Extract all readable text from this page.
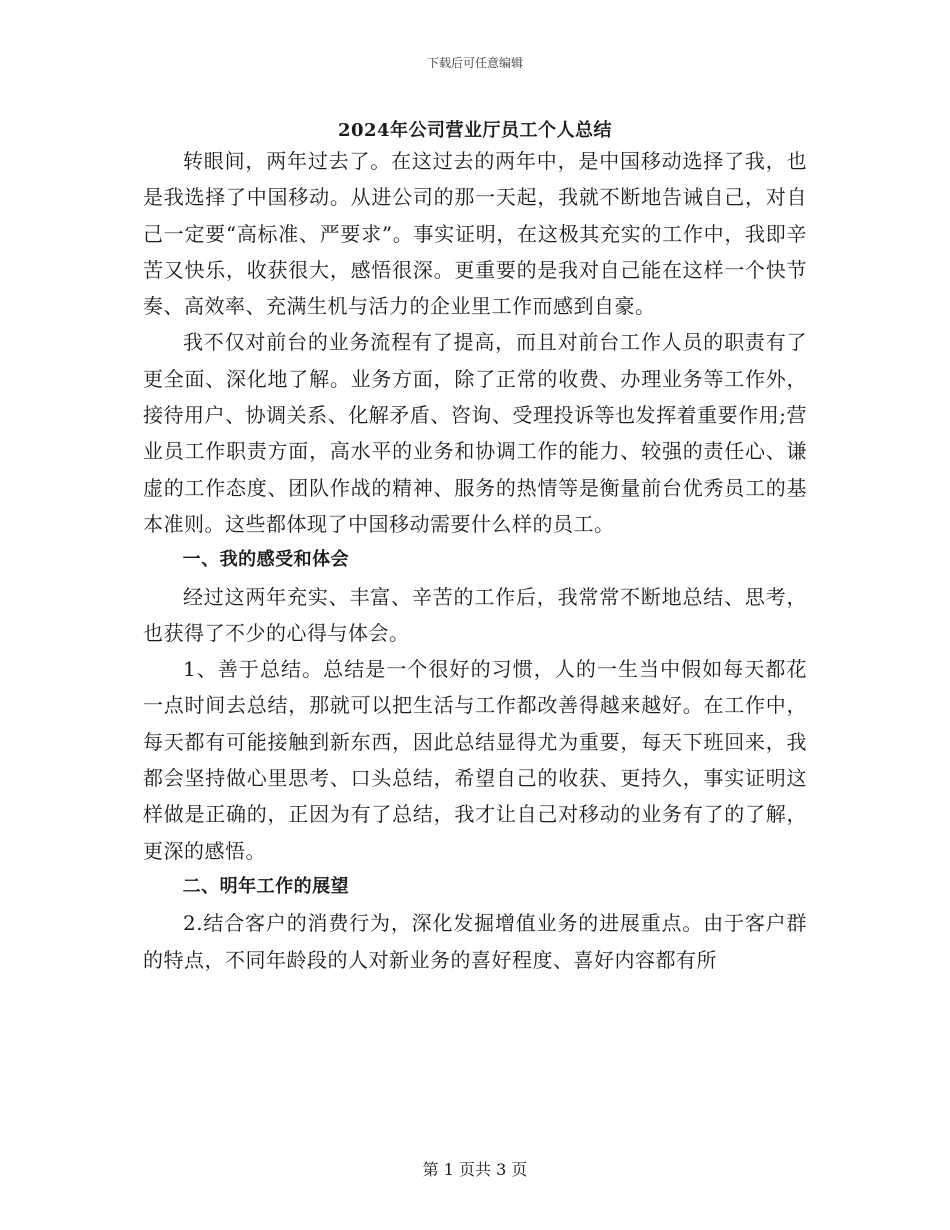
下载后可任意编辑
2024年公司营业厅员工个人总结

转眼间，两年过去了。在这过去的两年中，是中国移动选择了我，也是我选择了中国移动。从进公司的那一天起，我就不断地告诫自己，对自己一定要“高标准、严要求”。事实证明，在这极其充实的工作中，我即辛苦又快乐，收获很大，感悟很深。更重要的是我对自己能在这样一个快节奏、高效率、充满生机与活力的企业里工作而感到自豪。

我不仅对前台的业务流程有了提高，而且对前台工作人员的职责有了更全面、深化地了解。业务方面，除了正常的收费、办理业务等工作外，接待用户、协调关系、化解矛盾、咨询、受理投诉等也发挥着重要作用;营业员工作职责方面，高水平的业务和协调工作的能力、较强的责任心、谦虚的工作态度、团队作战的精神、服务的热情等是衡量前台优秀员工的基本准则。这些都体现了中国移动需要什么样的员工。

一、我的感受和体会

经过这两年充实、丰富、辛苦的工作后，我常常不断地总结、思考，也获得了不少的心得与体会。

1、善于总结。总结是一个很好的习惯，人的一生当中假如每天都花一点时间去总结，那就可以把生活与工作都改善得越来越好。在工作中，每天都有可能接触到新东西，因此总结显得尤为重要，每天下班回来，我都会坚持做心里思考、口头总结，希望自己的收获、更持久，事实证明这样做是正确的，正因为有了总结，我才让自己对移动的业务有了的了解，更深的感悟。

二、明年工作的展望

2.结合客户的消费行为，深化发掘增值业务的进展重点。由于客户群的特点，不同年龄段的人对新业务的喜好程度、喜好内容都有所

第 1 页共 3 页
